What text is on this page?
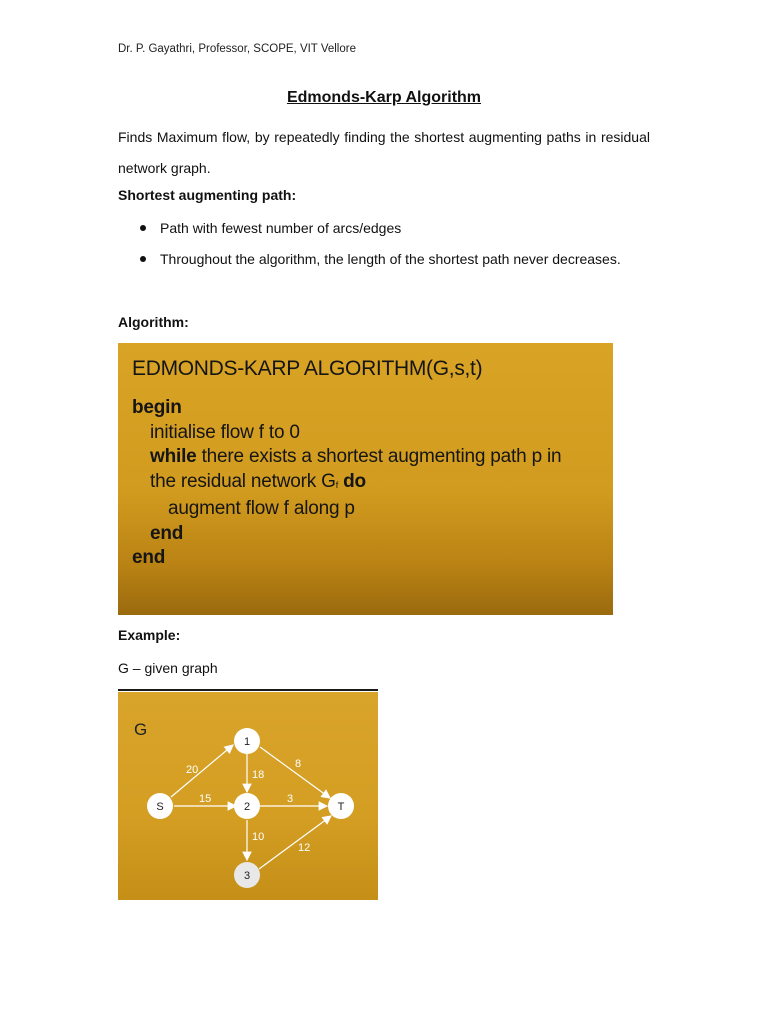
Dr. P. Gayathri, Professor, SCOPE, VIT Vellore
Edmonds-Karp Algorithm
Finds Maximum flow, by repeatedly finding the shortest augmenting paths in residual network graph.
Shortest augmenting path:
Path with fewest number of arcs/edges
Throughout the algorithm, the length of the shortest path never decreases.
Algorithm:
EDMONDS-KARP ALGORITHM(G,s,t)
begin
initialise flow f to 0
while there exists a shortest augmenting path p in
the residual network Gf do
augment flow f along p
end
end
Example:
G – given graph
G
20
15
18
8
3
10
12
S
1
2
3
T
